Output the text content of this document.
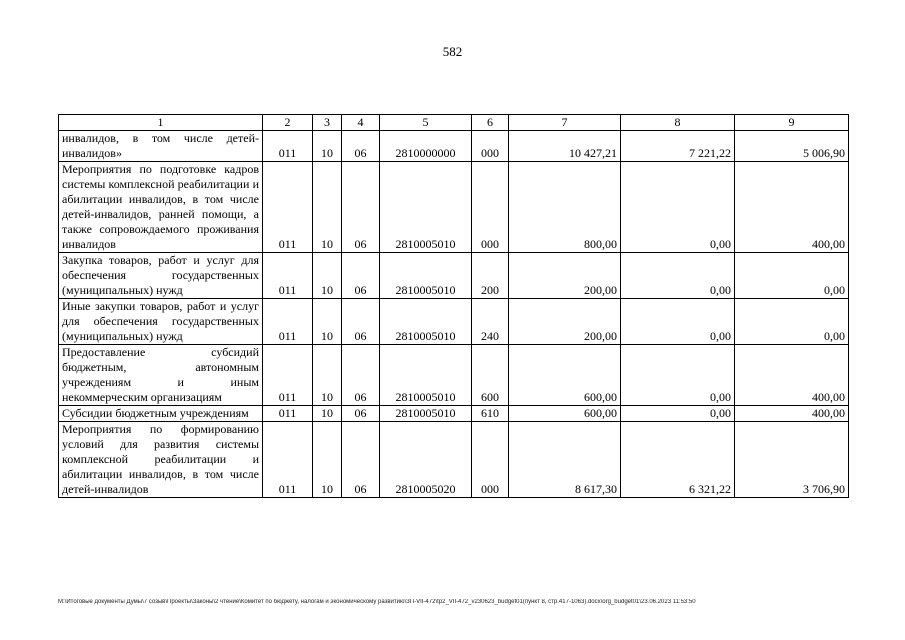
582
1	2	3	4	5	6	7	8	9
инвалидов, в том числе детей-инвалидов»	011	10	06	2810000000	000	10 427,21	7 221,22	5 006,90
Мероприятия по подготовке кадров системы комплексной реабилитации и абилитации инвалидов, в том числе детей-инвалидов, ранней помощи, а также сопровождаемого проживания инвалидов	011	10	06	2810005010	000	800,00	0,00	400,00
Закупка товаров, работ и услуг для обеспечения государственных (муниципальных) нужд	011	10	06	2810005010	200	200,00	0,00	0,00
Иные закупки товаров, работ и услуг для обеспечения государственных (муниципальных) нужд	011	10	06	2810005010	240	200,00	0,00	0,00
Предоставление субсидий бюджетным, автономным учреждениям и иным некоммерческим организациям	011	10	06	2810005010	600	600,00	0,00	400,00
Субсидии бюджетным учреждениям	011	10	06	2810005010	610	600,00	0,00	400,00
Мероприятия по формированию условий для развития системы комплексной реабилитации и абилитации инвалидов, в том числе детей-инвалидов	011	10	06	2810005020	000	8 617,30	6 321,22	3 706,90
M:\Итоговые документы Думы\7 созыв\Проекты\Законы\2 чтение\Комитет по бюджету, налогам и экономическому развитию\ЗП-VII-472\tp2_VII-472_v230623_budget01(пункт 8, стр.417-1063).docx\org_budget01\23.06.2023 11:53:50
